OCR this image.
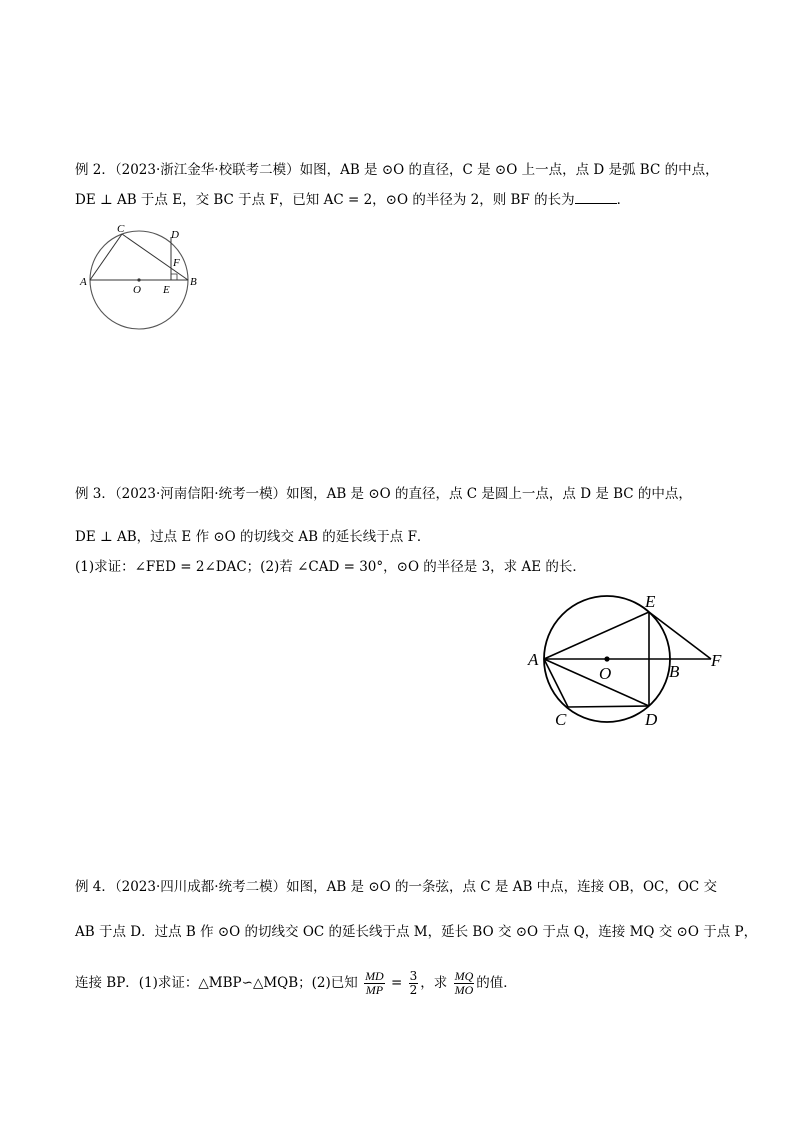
例 2．（2023·浙江金华·校联考二模）如图，AB 是 ⊙O 的直径，C 是 ⊙O 上一点，点 D 是弧 BC 的中点，
DE ⊥ AB 于点 E，交 BC 于点 F，已知 AC = 2，⊙O 的半径为 2，则 BF 的长为	．
A	B
C	D
F
E
O
例 3．（2023·河南信阳·统考一模）如图，AB 是 ⊙O 的直径，点 C 是圆上一点，点 D 是 BC 的中点，
DE ⊥ AB，过点 E 作 ⊙O 的切线交 AB 的延长线于点 F．
(1)求证：∠FED = 2∠DAC；(2)若 ∠CAD = 30°，⊙O 的半径是 3，求 AE 的长．
A
B
C	D
E
F
O
例 4．（2023·四川成都·统考二模）如图，AB 是 ⊙O 的一条弦，点 C 是 AB 中点，连接 OB，OC，OC 交
AB 于点 D．过点 B 作 ⊙O 的切线交 OC 的延长线于点 M，延长 BO 交 ⊙O 于点 Q，连接 MQ 交 ⊙O 于点 P，
连接 BP．(1)求证：△MBP∽△MQB；(2)已知 $\frac{MD}{MP} = \frac{3}{2}$ ，求 $\frac{MQ}{MO}$ 的值．
